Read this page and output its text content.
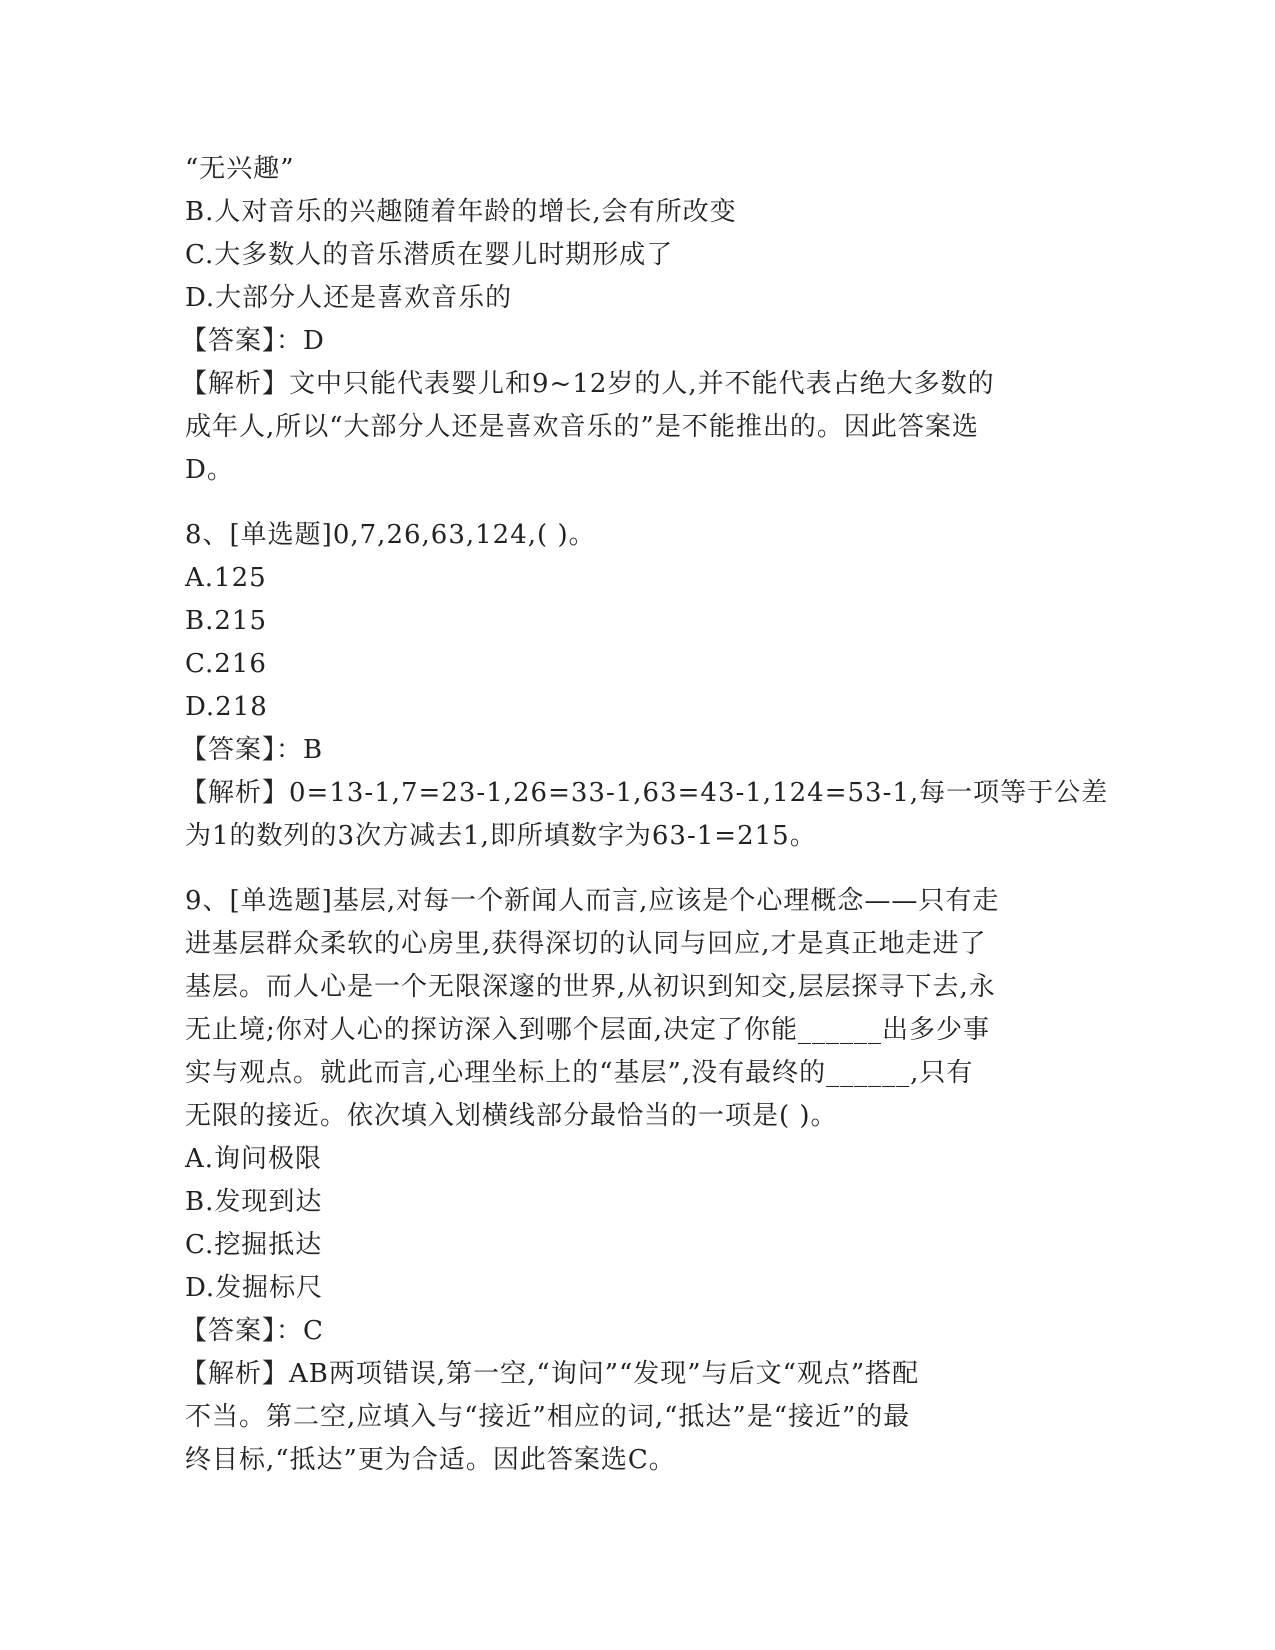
“无兴趣”
B.人对音乐的兴趣随着年龄的增长,会有所改变
C.大多数人的音乐潜质在婴儿时期形成了
D.大部分人还是喜欢音乐的
【答案】：D
【解析】文中只能代表婴儿和9~12岁的人,并不能代表占绝大多数的
成年人,所以“大部分人还是喜欢音乐的”是不能推出的。因此答案选
D。
8、[单选题]0,7,26,63,124,( )。
A.125
B.215
C.216
D.218
【答案】：B
【解析】0=13-1,7=23-1,26=33-1,63=43-1,124=53-1,每一项等于公差
为1的数列的3次方减去1,即所填数字为63-1=215。
9、[单选题]基层,对每一个新闻人而言,应该是个心理概念——只有走
进基层群众柔软的心房里,获得深切的认同与回应,才是真正地走进了
基层。而人心是一个无限深邃的世界,从初识到知交,层层探寻下去,永
无止境;你对人心的探访深入到哪个层面,决定了你能______出多少事
实与观点。就此而言,心理坐标上的“基层”,没有最终的______,只有
无限的接近。依次填入划横线部分最恰当的一项是( )。
A.询问极限
B.发现到达
C.挖掘抵达
D.发掘标尺
【答案】：C
【解析】AB两项错误,第一空,“询问”“发现”与后文“观点”搭配
不当。第二空,应填入与“接近”相应的词,“抵达”是“接近”的最
终目标,“抵达”更为合适。因此答案选C。
